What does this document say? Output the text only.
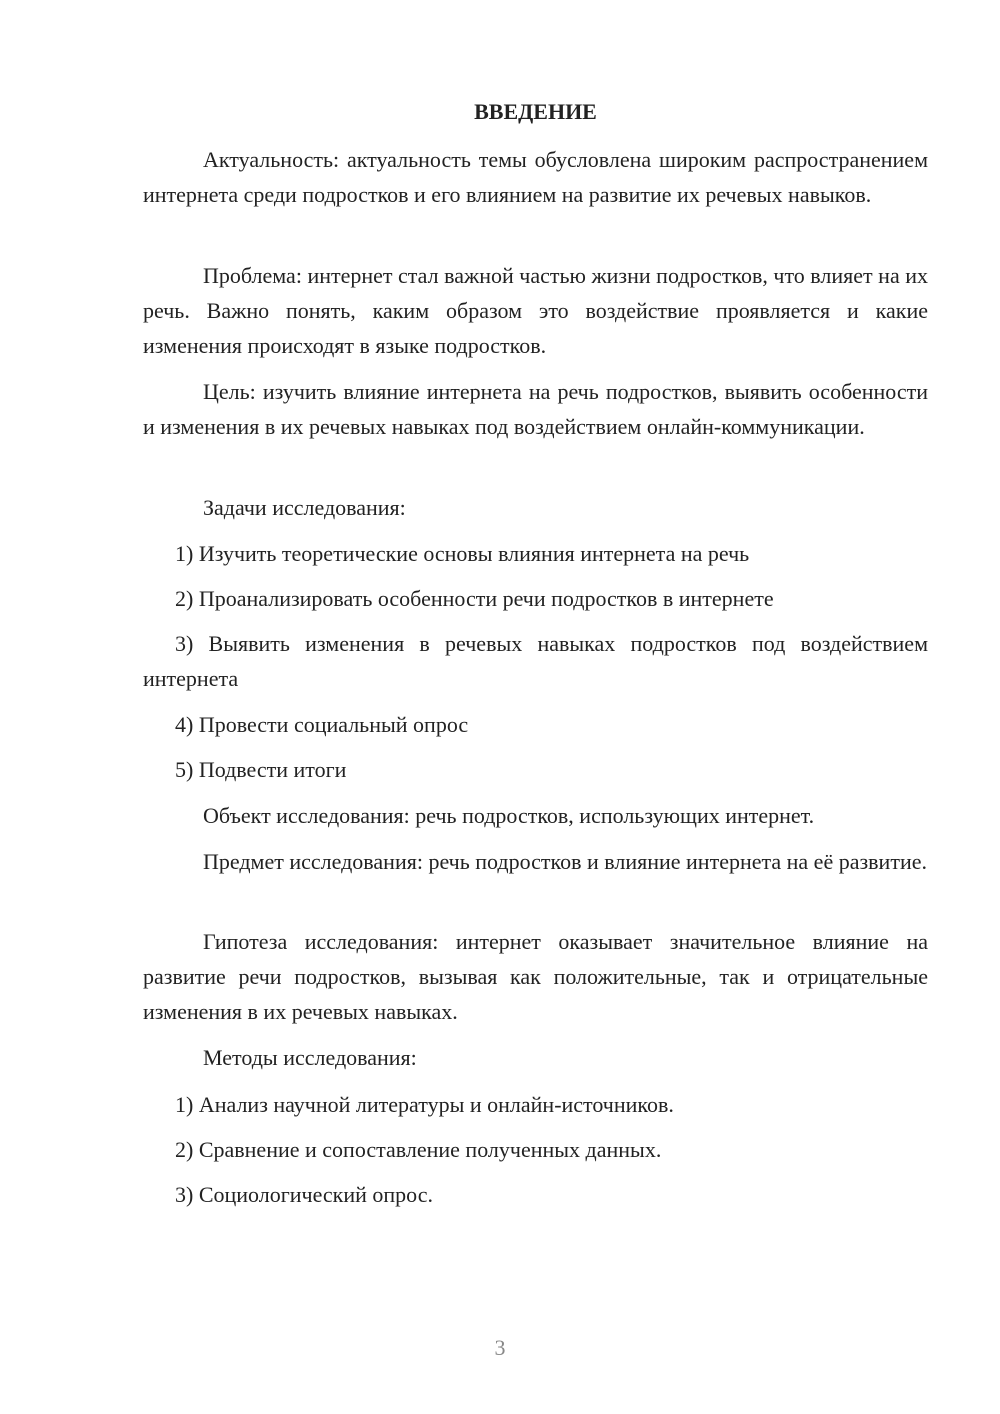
ВВЕДЕНИЕ

Актуальность: актуальность темы обусловлена широким распространением интернета среди подростков и его влиянием на развитие их речевых навыков.

Проблема: интернет стал важной частью жизни подростков, что влияет на их речь. Важно понять, каким образом это воздействие проявляется и какие изменения происходят в языке подростков.

Цель: изучить влияние интернета на речь подростков, выявить особенности и изменения в их речевых навыках под воздействием онлайн-коммуникации.

Задачи исследования:

1) Изучить теоретические основы влияния интернета на речь

2) Проанализировать особенности речи подростков в интернете

3) Выявить изменения в речевых навыках подростков под воздействием интернета

4) Провести социальный опрос

5) Подвести итоги

Объект исследования: речь подростков, использующих интернет.

Предмет исследования: речь подростков и влияние интернета на её развитие.

Гипотеза исследования: интернет оказывает значительное влияние на развитие речи подростков, вызывая как положительные, так и отрицательные изменения в их речевых навыках.

Методы исследования:

1) Анализ научной литературы и онлайн-источников.

2) Сравнение и сопоставление полученных данных.

3) Социологический опрос.

3
